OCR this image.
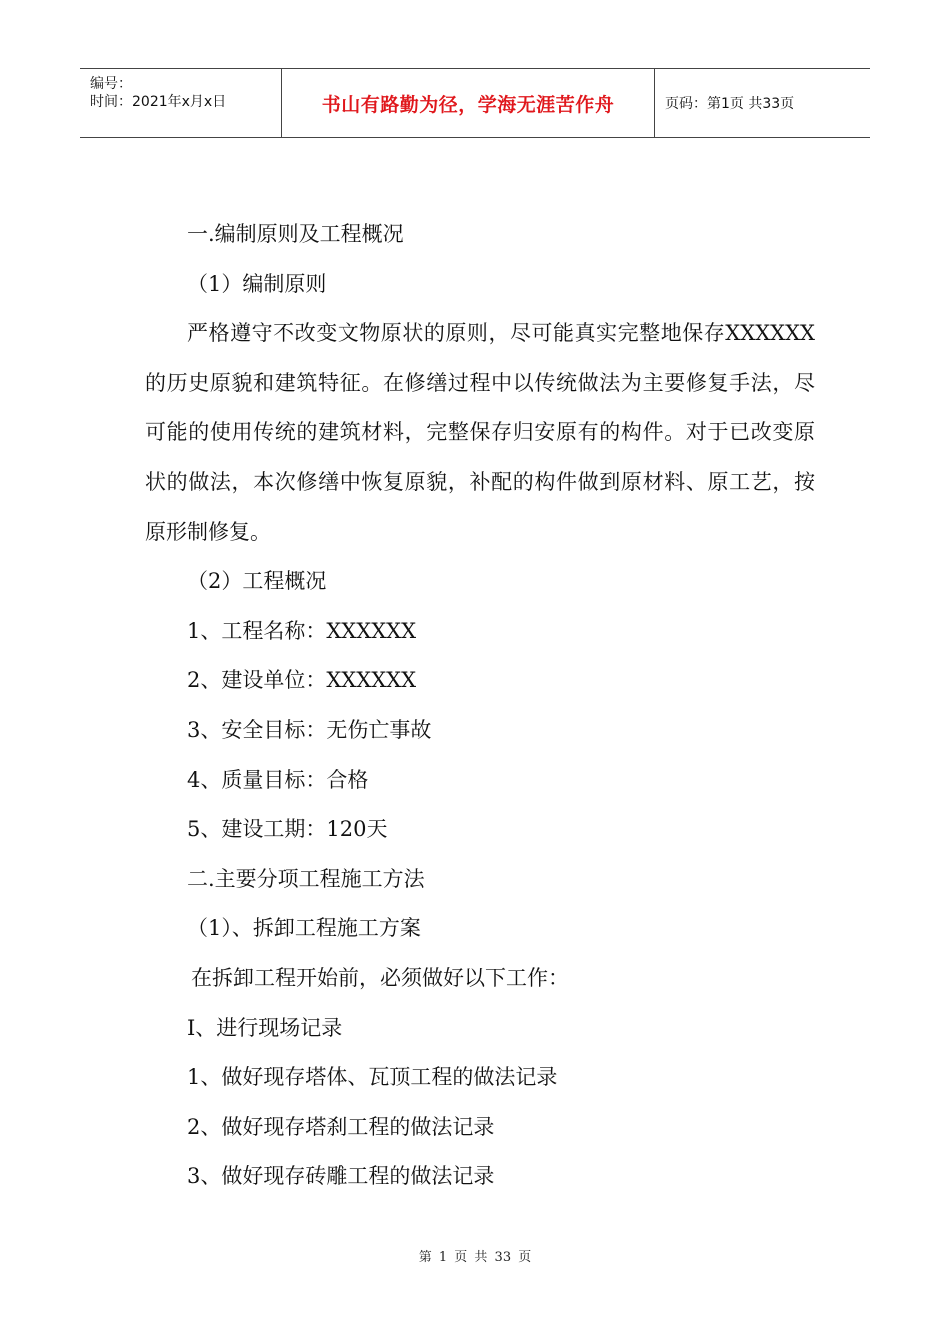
编号：
时间：2021年x月x日	书山有路勤为径，学海无涯苦作舟	页码：第1页 共33页

一.编制原则及工程概况

（1）编制原则

严格遵守不改变文物原状的原则，尽可能真实完整地保存XXXXXX的历史原貌和建筑特征。在修缮过程中以传统做法为主要修复手法，尽可能的使用传统的建筑材料，完整保存归安原有的构件。对于已改变原状的做法，本次修缮中恢复原貌，补配的构件做到原材料、原工艺，按原形制修复。

（2）工程概况

1、工程名称：XXXXXX

2、建设单位：XXXXXX

3、安全目标：无伤亡事故

4、质量目标：合格

5、建设工期：120天

二.主要分项工程施工方法

（1）、拆卸工程施工方案

在拆卸工程开始前，必须做好以下工作：

I、进行现场记录

1、做好现存塔体、瓦顶工程的做法记录

2、做好现存塔刹工程的做法记录

3、做好现存砖雕工程的做法记录

第 1 页 共 33 页
